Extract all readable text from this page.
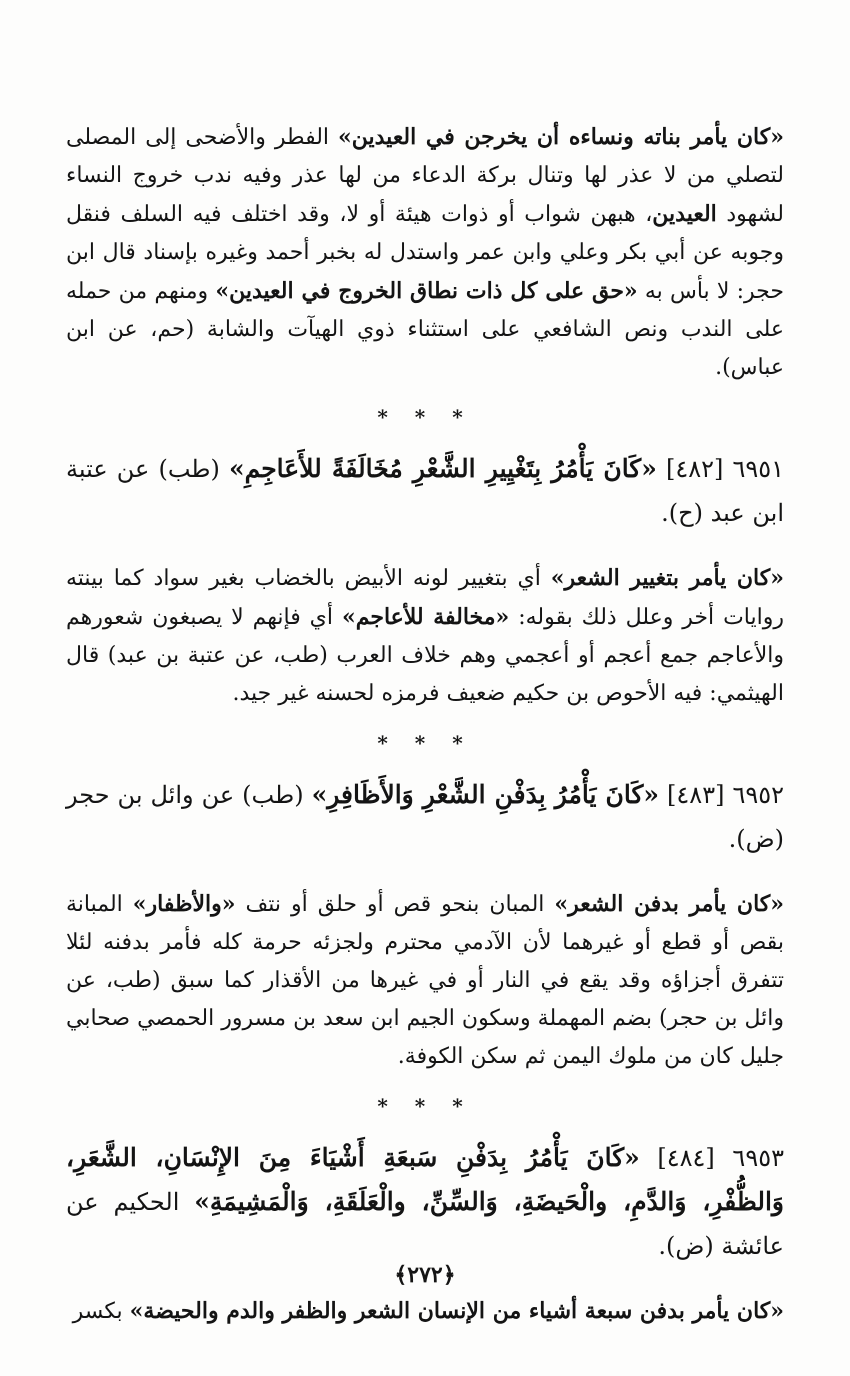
«كان يأمر بناته ونساءه أن يخرجن في العيدين» الفطر والأضحى إلى المصلى لتصلي من لا عذر لها وتنال بركة الدعاء من لها عذر وفيه ندب خروج النساء لشهود العيدين، هبهن شواب أو ذوات هيئة أو لا، وقد اختلف فيه السلف فنقل وجوبه عن أبي بكر وعلي وابن عمر واستدل له بخبر أحمد وغيره بإسناد قال ابن حجر: لا بأس به «حق على كل ذات نطاق الخروج في العيدين» ومنهم من حمله على الندب ونص الشافعي على استثناء ذوي الهيآت والشابة (حم، عن ابن عباس).

* * *

٦٩٥١ [٤٨٢] «كَانَ يَأْمُرُ بِتَغْيِيرِ الشَّعْرِ مُخَالَفَةً للأَعَاجِمِ» (طب) عن عتبة ابن عبد (ح).

«كان يأمر بتغيير الشعر» أي بتغيير لونه الأبيض بالخضاب بغير سواد كما بينته روايات أخر وعلل ذلك بقوله: «مخالفة للأعاجم» أي فإنهم لا يصبغون شعورهم والأعاجم جمع أعجم أو أعجمي وهم خلاف العرب (طب، عن عتبة بن عبد) قال الهيثمي: فيه الأحوص بن حكيم ضعيف فرمزه لحسنه غير جيد.

* * *

٦٩٥٢ [٤٨٣] «كَانَ يَأْمُرُ بِدَفْنِ الشَّعْرِ وَالأَظَافِرِ» (طب) عن وائل بن حجر (ض).

«كان يأمر بدفن الشعر» المبان بنحو قص أو حلق أو نتف «والأظفار» المبانة بقص أو قطع أو غيرهما لأن الآدمي محترم ولجزئه حرمة كله فأمر بدفنه لئلا تتفرق أجزاؤه وقد يقع في النار أو في غيرها من الأقذار كما سبق (طب، عن وائل بن حجر) بضم المهملة وسكون الجيم ابن سعد بن مسرور الحمصي صحابي جليل كان من ملوك اليمن ثم سكن الكوفة.

* * *

٦٩٥٣ [٤٨٤] «كَانَ يَأْمُرُ بِدَفْنِ سَبعَةِ أَشْيَاءَ مِنَ الإِنْسَانِ، الشَّعَرِ، وَالظُّفْرِ، وَالدَّمِ، والْحَيضَةِ، وَالسِّنِّ، والْعَلَقَةِ، وَالْمَشِيمَةِ» الحكيم عن عائشة (ض).

«كان يأمر بدفن سبعة أشياء من الإنسان الشعر والظفر والدم والحيضة» بكسر

﴿٢٧٢﴾
